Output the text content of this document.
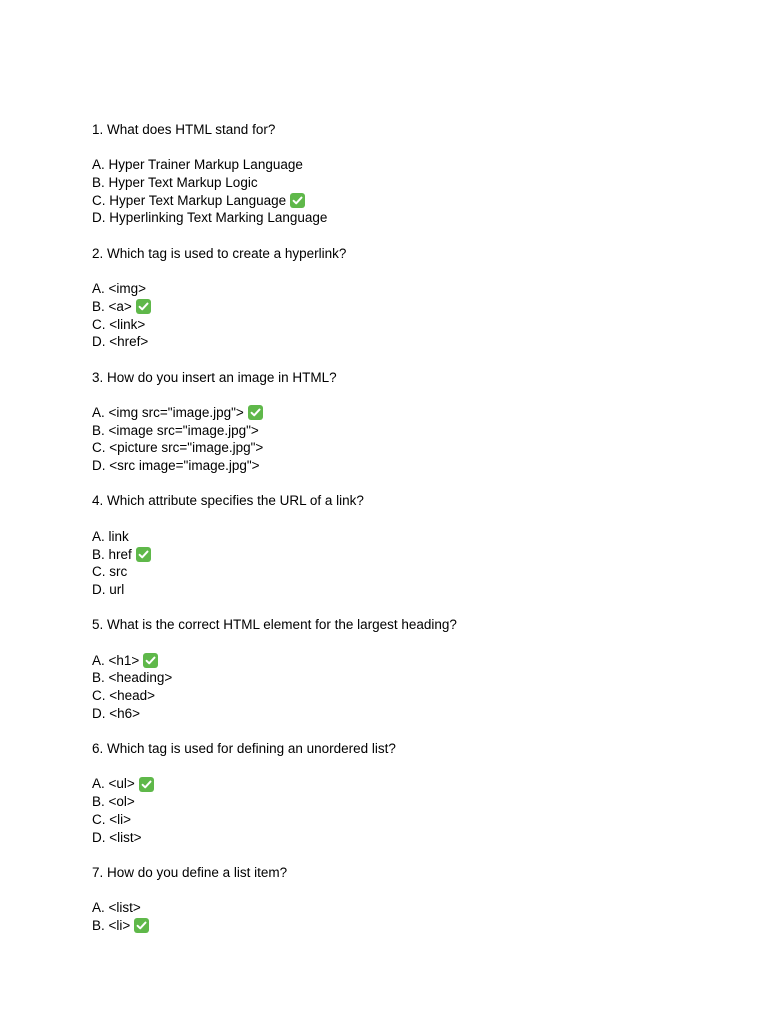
1. What does HTML stand for?
A. Hyper Trainer Markup Language
B. Hyper Text Markup Logic
C. Hyper Text Markup Language
D. Hyperlinking Text Marking Language
2. Which tag is used to create a hyperlink?
A. <img>
B. <a>
C. <link>
D. <href>
3. How do you insert an image in HTML?
A. <img src="image.jpg">
B. <image src="image.jpg">
C. <picture src="image.jpg">
D. <src image="image.jpg">
4. Which attribute specifies the URL of a link?
A. link
B. href
C. src
D. url
5. What is the correct HTML element for the largest heading?
A. <h1>
B. <heading>
C. <head>
D. <h6>
6. Which tag is used for defining an unordered list?
A. <ul>
B. <ol>
C. <li>
D. <list>
7. How do you define a list item?
A. <list>
B. <li>
